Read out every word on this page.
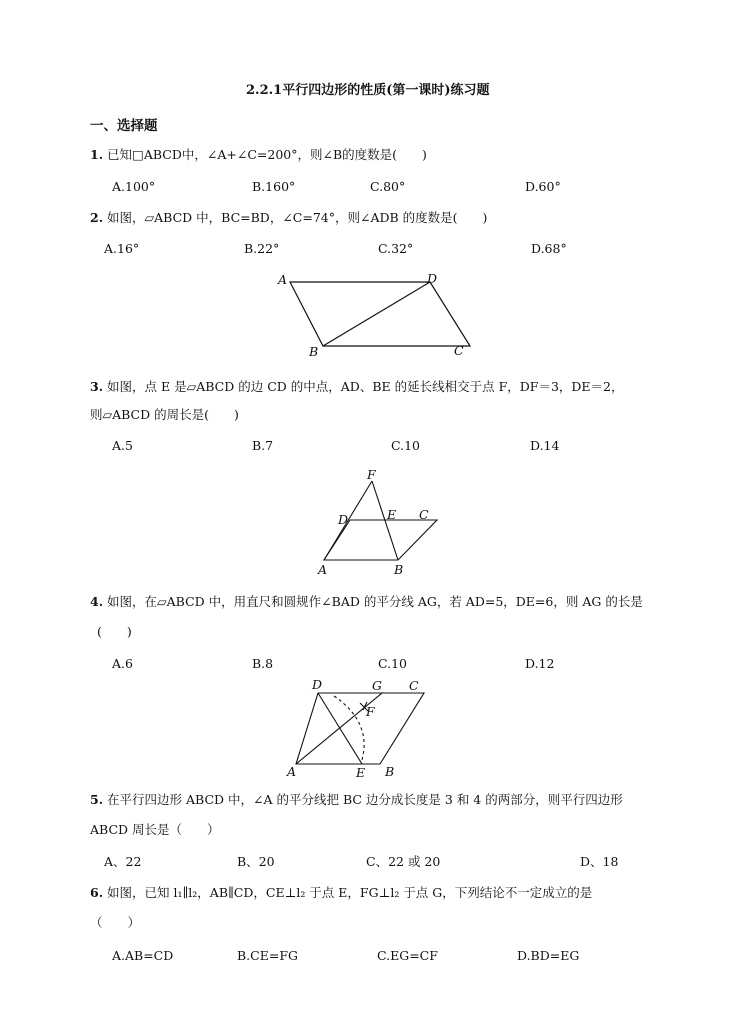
2.2.1平行四边形的性质(第一课时)练习题
一、选择题
1. 已知□ABCD中，∠A+∠C=200°，则∠B的度数是(　　)
A.100°	B.160°	C.80°	D.60°
2. 如图，▱ABCD 中，BC=BD，∠C=74°，则∠ADB 的度数是(　　)
A.16°	B.22°	C.32°	D.68°
A	D
B	C
3. 如图，点 E 是▱ABCD 的边 CD 的中点，AD、BE 的延长线相交于点 F，DF＝3，DE＝2，
则▱ABCD 的周长是(　　)
A.5	B.7	C.10	D.14
F
D	E C
A	B
4. 如图，在▱ABCD 中，用直尺和圆规作∠BAD 的平分线 AG，若 AD=5，DE=6，则 AG 的长是
(　　)
A.6	B.8	C.10	D.12
D	G C
F
A	E B
5. 在平行四边形 ABCD 中，∠A 的平分线把 BC 边分成长度是 3 和 4 的两部分，则平行四边形
ABCD 周长是（　　）
A、22	B、20	C、22 或 20	D、18
6. 如图，已知 l₁∥l₂，AB∥CD，CE⊥l₂ 于点 E，FG⊥l₂ 于点 G，下列结论不一定成立的是
（　　）
A.AB=CD	B.CE=FG	C.EG=CF	D.BD=EG
